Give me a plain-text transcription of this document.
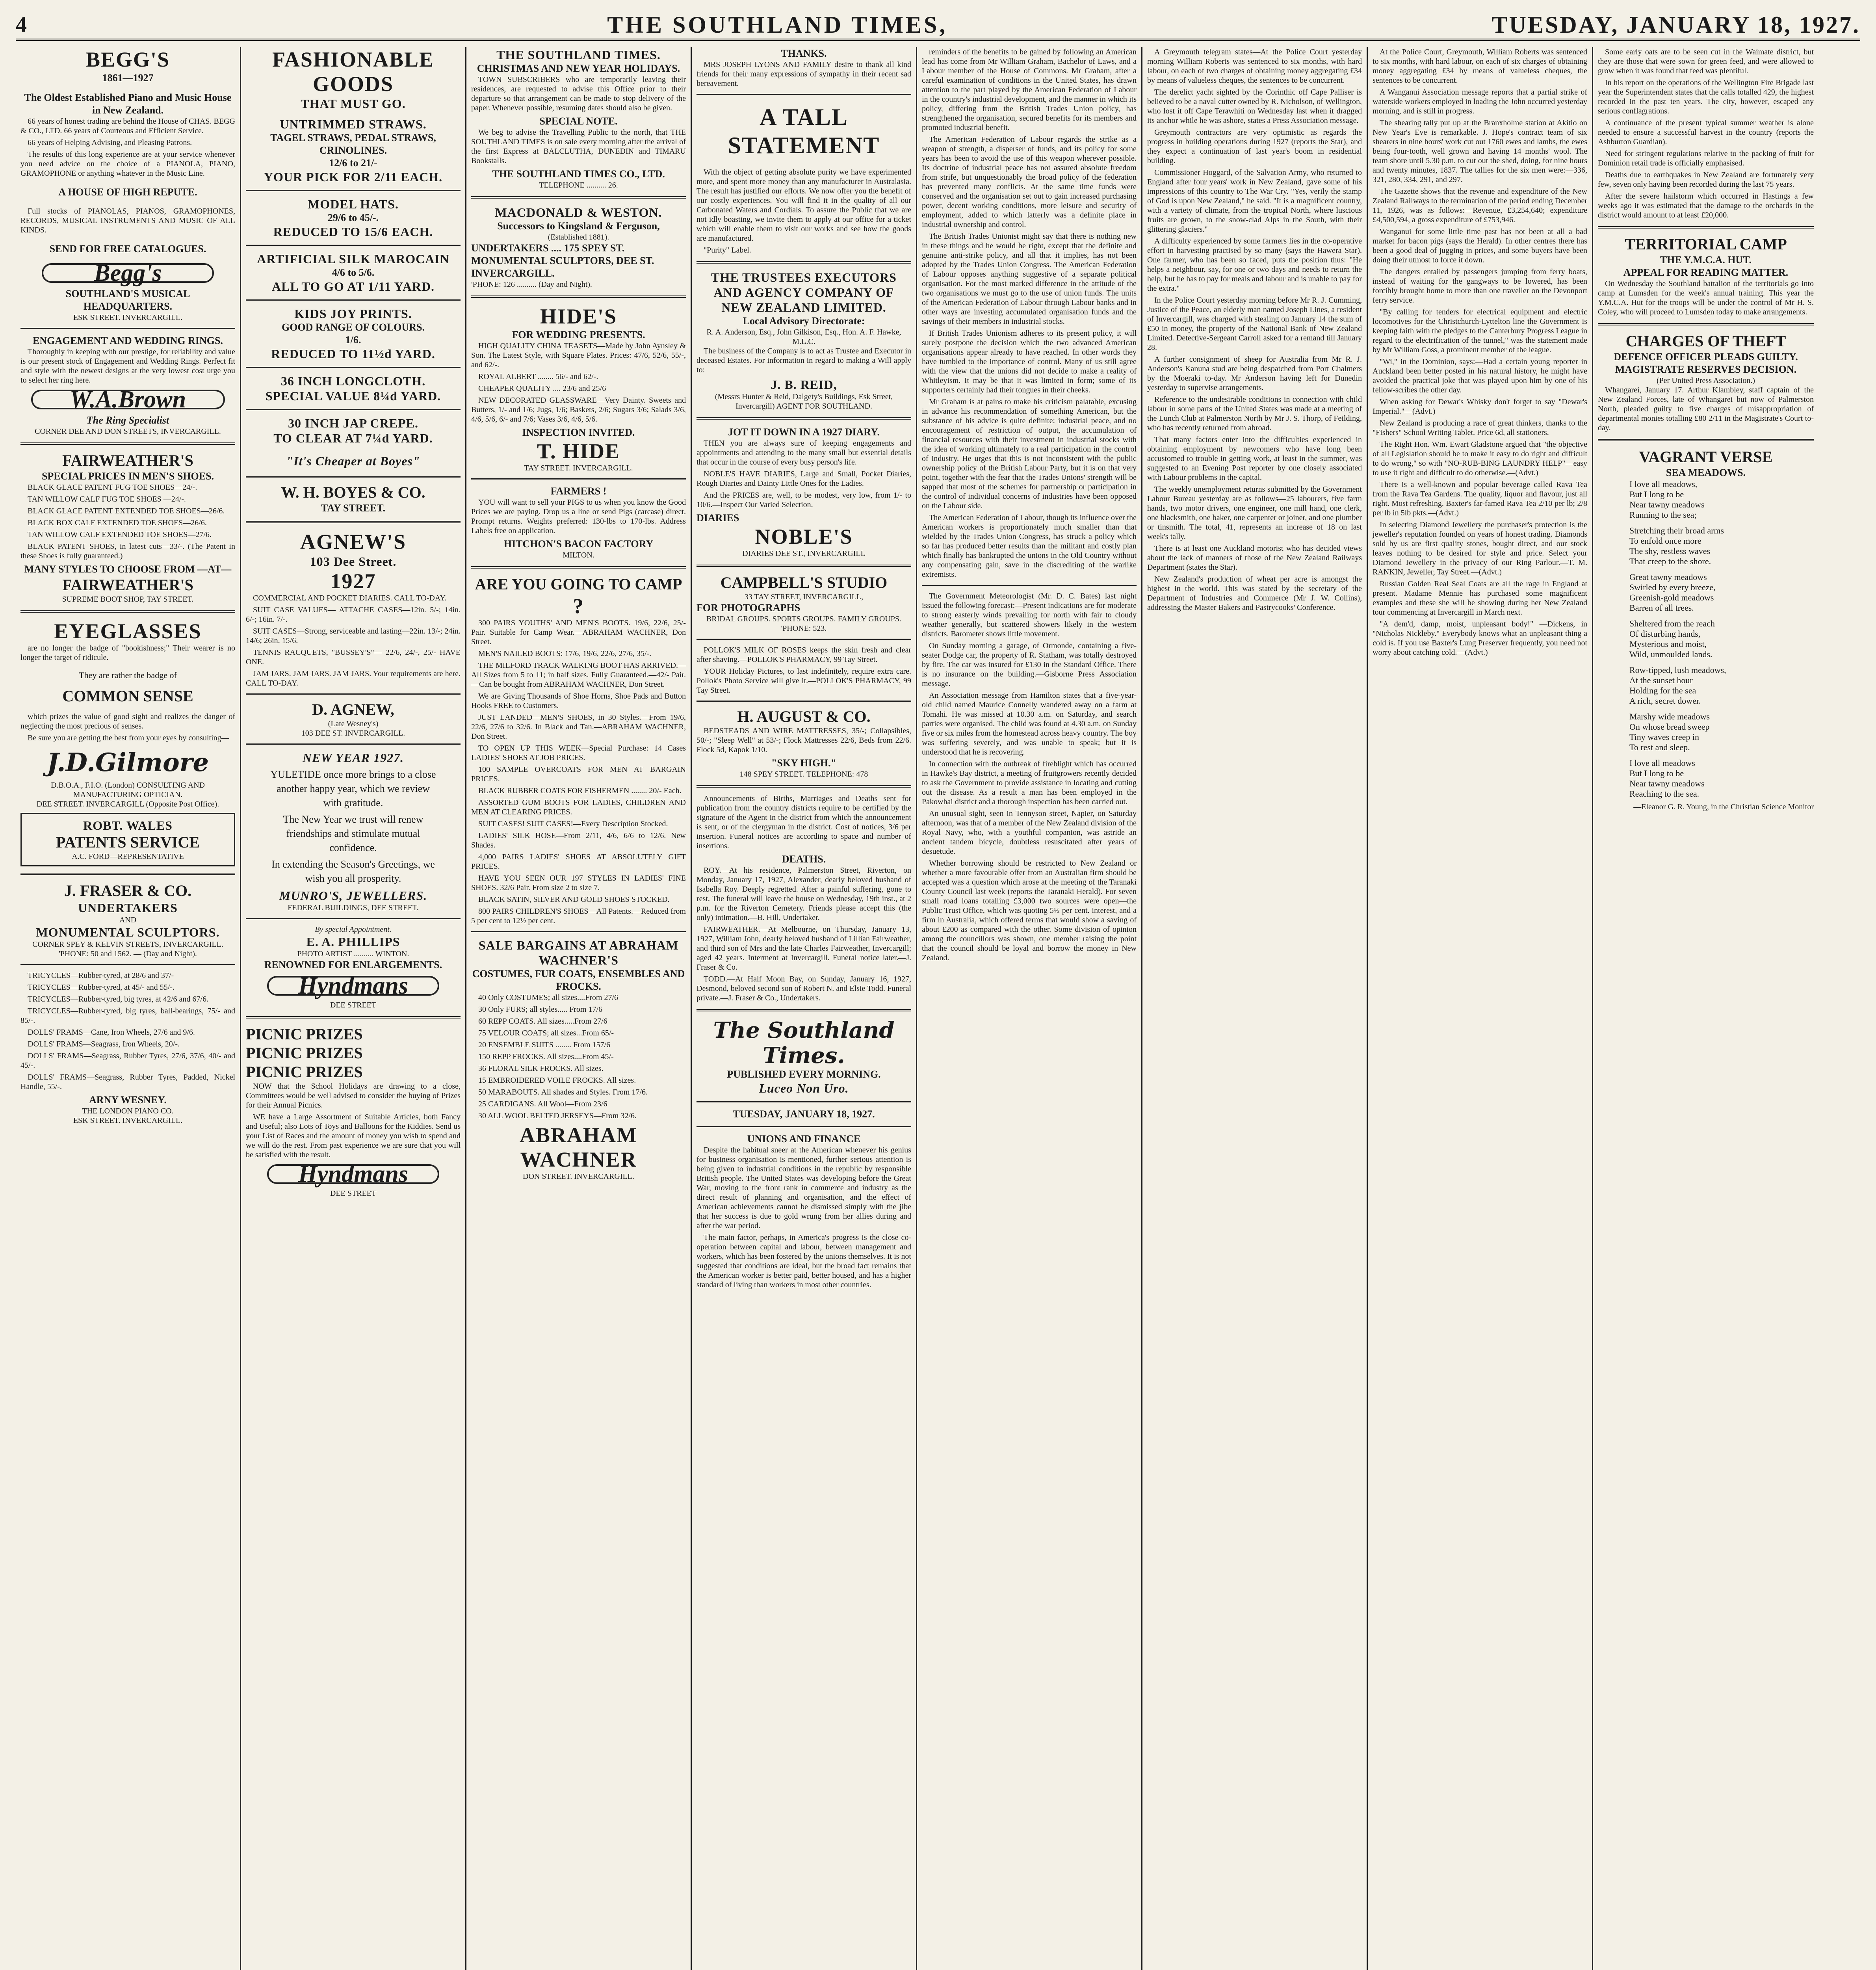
4	THE SOUTHLAND TIMES,	TUESDAY, JANUARY 18, 1927.
BEGG'S
1861—1927
The Oldest Established Piano and Music House in New Zealand.

66 years of honest trading are behind the House of CHAS. BEGG & CO., LTD. 66 years of Courteous and Efficient Service.

66 years of Helping Advising, and Pleasing Patrons.

The results of this long experience are at your service whenever you need advice on the choice of a PIANOLA, PIANO, GRAMOPHONE or anything whatever in the Music Line.

A HOUSE OF HIGH REPUTE.

Full stocks of PIANOLAS, PIANOS, GRAMOPHONES, RECORDS, MUSICAL INSTRUMENTS AND MUSIC OF ALL KINDS.

SEND FOR FREE CATALOGUES.
Begg's
SOUTHLAND'S MUSICAL HEADQUARTERS.
ESK STREET. INVERCARGILL.
ENGAGEMENT AND WEDDING RINGS.

Thoroughly in keeping with our prestige, for reliability and value is our present stock of Engagement and Wedding Rings. Perfect fit and style with the newest designs at the very lowest cost urge you to select her ring here.

W.A.Brown
The Ring Specialist
CORNER DEE AND DON STREETS, INVERCARGILL.
FAIRWEATHER'S
SPECIAL PRICES IN MEN'S SHOES.

BLACK GLACE PATENT FUG TOE SHOES—24/-.

TAN WILLOW CALF FUG TOE SHOES —24/-.

BLACK GLACE PATENT EXTENDED TOE SHOES—26/6.

BLACK BOX CALF EXTENDED TOE SHOES—26/6.

TAN WILLOW CALF EXTENDED TOE SHOES—27/6.

BLACK PATENT SHOES, in latest cuts—33/-. (The Patent in these Shoes is fully guaranteed.)

MANY STYLES TO CHOOSE FROM —AT—
FAIRWEATHER'S
SUPREME BOOT SHOP, TAY STREET.
EYEGLASSES

are no longer the badge of "bookishness;" Their wearer is no longer the target of ridicule.

They are rather the badge of
COMMON SENSE

which prizes the value of good sight and realizes the danger of neglecting the most precious of senses.

Be sure you are getting the best from your eyes by consulting—

J.D.Gilmore
D.B.O.A., F.I.O. (London) CONSULTING AND MANUFACTURING OPTICIAN.
DEE STREET. INVERCARGILL (Opposite Post Office).
ROBT. WALES
PATENTS SERVICE
A.C. FORD—REPRESENTATIVE
J. FRASER & CO.
UNDERTAKERS
AND
MONUMENTAL SCULPTORS.
CORNER SPEY & KELVIN STREETS, INVERCARGILL.
'PHONE: 50 and 1562. — (Day and Night).

TRICYCLES—Rubber-tyred, at 28/6 and 37/-

TRICYCLES—Rubber-tyred, at 45/- and 55/-.

TRICYCLES—Rubber-tyred, big tyres, at 42/6 and 67/6.

TRICYCLES—Rubber-tyred, big tyres, ball-bearings, 75/- and 85/-.

DOLLS' FRAMS—Cane, Iron Wheels, 27/6 and 9/6.

DOLLS' FRAMS—Seagrass, Iron Wheels, 20/-.

DOLLS' FRAMS—Seagrass, Rubber Tyres, 27/6, 37/6, 40/- and 45/-.

DOLLS' FRAMS—Seagrass, Rubber Tyres, Padded, Nickel Handle, 55/-.

ARNY WESNEY.
THE LONDON PIANO CO.
ESK STREET. INVERCARGILL.
FASHIONABLE GOODS
THAT MUST GO.
UNTRIMMED STRAWS.
TAGEL STRAWS, PEDAL STRAWS, CRINOLINES.
12/6 to 21/-
YOUR PICK FOR 2/11 EACH.
MODEL HATS.
29/6 to 45/-.
REDUCED TO 15/6 EACH.
ARTIFICIAL SILK MAROCAIN
4/6 to 5/6.
ALL TO GO AT 1/11 YARD.
KIDS JOY PRINTS.
GOOD RANGE OF COLOURS.
1/6.
REDUCED TO 11½d YARD.
36 INCH LONGCLOTH.
SPECIAL VALUE 8¼d YARD.
30 INCH JAP CREPE.
TO CLEAR AT 7¼d YARD.
"It's Cheaper at Boyes"
W. H. BOYES & CO.
TAY STREET.
AGNEW'S
103 Dee Street.
1927

COMMERCIAL AND POCKET DIARIES. CALL TO-DAY.

SUIT CASE VALUES— ATTACHE CASES—12in. 5/-; 14in. 6/-; 16in. 7/-.

SUIT CASES—Strong, serviceable and lasting—22in. 13/-; 24in. 14/6; 26in. 15/6.

TENNIS RACQUETS, "BUSSEY'S"— 22/6, 24/-, 25/- HAVE ONE.

JAM JARS. JAM JARS. JAM JARS. Your requirements are here. CALL TO-DAY.

D. AGNEW,
(Late Wesney's)
103 DEE ST. INVERCARGILL.
NEW YEAR 1927.

YULETIDE once more brings to a close another happy year, which we review with gratitude.

The New Year we trust will renew friendships and stimulate mutual confidence.

In extending the Season's Greetings, we wish you all prosperity.

MUNRO'S, JEWELLERS.
FEDERAL BUILDINGS, DEE STREET.
By special Appointment.
E. A. PHILLIPS
PHOTO ARTIST .......... WINTON.
RENOWNED FOR ENLARGEMENTS.
Hyndmans
DEE STREET
PICNIC PRIZES
PICNIC PRIZES
PICNIC PRIZES

NOW that the School Holidays are drawing to a close, Committees would be well advised to consider the buying of Prizes for their Annual Picnics.

WE have a Large Assortment of Suitable Articles, both Fancy and Useful; also Lots of Toys and Balloons for the Kiddies. Send us your List of Races and the amount of money you wish to spend and we will do the rest. From past experience we are sure that you will be satisfied with the result.

Hyndmans
DEE STREET
THE SOUTHLAND TIMES.
CHRISTMAS AND NEW YEAR HOLIDAYS.

TOWN SUBSCRIBERS who are temporarily leaving their residences, are requested to advise this Office prior to their departure so that arrangement can be made to stop delivery of the paper. Whenever possible, resuming dates should also be given.

SPECIAL NOTE.

We beg to advise the Travelling Public to the north, that THE SOUTHLAND TIMES is on sale every morning after the arrival of the first Express at BALCLUTHA, DUNEDIN and TIMARU Bookstalls.

THE SOUTHLAND TIMES CO., LTD.
TELEPHONE .......... 26.
MACDONALD & WESTON.
Successors to Kingsland & Ferguson,
(Established 1881).
UNDERTAKERS .... 175 SPEY ST.
MONUMENTAL SCULPTORS, DEE ST. INVERCARGILL.
'PHONE: 126 .......... (Day and Night).
HIDE'S
FOR WEDDING PRESENTS.

HIGH QUALITY CHINA TEASETS—Made by John Aynsley & Son. The Latest Style, with Square Plates. Prices: 47/6, 52/6, 55/-, and 62/-.

ROYAL ALBERT ........ 56/- and 62/-.

CHEAPER QUALITY .... 23/6 and 25/6

NEW DECORATED GLASSWARE—Very Dainty. Sweets and Butters, 1/- and 1/6; Jugs, 1/6; Baskets, 2/6; Sugars 3/6; Salads 3/6, 4/6, 5/6, 6/- and 7/6; Vases 3/6, 4/6, 5/6.

INSPECTION INVITED.
T. HIDE
TAY STREET. INVERCARGILL.
FARMERS !

YOU will want to sell your PIGS to us when you know the Good Prices we are paying. Drop us a line or send Pigs (carcase) direct. Prompt returns. Weights preferred: 130-lbs to 170-lbs. Address Labels free on application.

HITCHON'S BACON FACTORY
MILTON.
ARE YOU GOING TO CAMP
?

300 PAIRS YOUTHS' AND MEN'S BOOTS. 19/6, 22/6, 25/- Pair. Suitable for Camp Wear.—ABRAHAM WACHNER, Don Street.

MEN'S NAILED BOOTS: 17/6, 19/6, 22/6, 27/6, 35/-.

THE MILFORD TRACK WALKING BOOT HAS ARRIVED.—All Sizes from 5 to 11; in half sizes. Fully Guaranteed.—42/- Pair.—Can be bought from ABRAHAM WACHNER, Don Street.

We are Giving Thousands of Shoe Horns, Shoe Pads and Button Hooks FREE to Customers.

JUST LANDED—MEN'S SHOES, in 30 Styles.—From 19/6, 22/6, 27/6 to 32/6. In Black and Tan.—ABRAHAM WACHNER, Don Street.

TO OPEN UP THIS WEEK—Special Purchase: 14 Cases LADIES' SHOES AT JOB PRICES.

100 SAMPLE OVERCOATS FOR MEN AT BARGAIN PRICES.

BLACK RUBBER COATS FOR FISHERMEN ........ 20/- Each.

ASSORTED GUM BOOTS FOR LADIES, CHILDREN AND MEN AT CLEARING PRICES.

SUIT CASES! SUIT CASES!—Every Description Stocked.

LADIES' SILK HOSE—From 2/11, 4/6, 6/6 to 12/6. New Shades.

4,000 PAIRS LADIES' SHOES AT ABSOLUTELY GIFT PRICES.

HAVE YOU SEEN OUR 197 STYLES IN LADIES' FINE SHOES. 32/6 Pair. From size 2 to size 7.

BLACK SATIN, SILVER AND GOLD SHOES STOCKED.

800 PAIRS CHILDREN'S SHOES—All Patents.—Reduced from 5 per cent to 12½ per cent.

SALE BARGAINS AT ABRAHAM WACHNER'S
COSTUMES, FUR COATS, ENSEMBLES AND FROCKS.

40 Only COSTUMES; all sizes....From 27/6

30 Only FURS; all styles..... From 17/6

60 REPP COATS. All sizes.....From 27/6

75 VELOUR COATS; all sizes...From 65/-

20 ENSEMBLE SUITS ........ From 157/6

150 REPP FROCKS. All sizes....From 45/-

36 FLORAL SILK FROCKS. All sizes.

15 EMBROIDERED VOILE FROCKS. All sizes.

50 MARABOUTS. All shades and Styles. From 17/6.

25 CARDIGANS. All Wool—From 23/6

30 ALL WOOL BELTED JERSEYS—From 32/6.

ABRAHAM WACHNER
DON STREET. INVERCARGILL.
THANKS.

MRS JOSEPH LYONS AND FAMILY desire to thank all kind friends for their many expressions of sympathy in their recent sad bereavement.

A TALL STATEMENT

With the object of getting absolute purity we have experimented more, and spent more money than any manufacturer in Australasia. The result has justified our efforts. We now offer you the benefit of our costly experiences. You will find it in the quality of all our Carbonated Waters and Cordials. To assure the Public that we are not idly boasting, we invite them to apply at our office for a ticket which will enable them to visit our works and see how the goods are manufactured.

"Purity" Label.

THE TRUSTEES EXECUTORS AND AGENCY COMPANY OF NEW ZEALAND LIMITED.
Local Advisory Directorate:
R. A. Anderson, Esq., John Gilkison, Esq., Hon. A. F. Hawke, M.L.C.

The business of the Company is to act as Trustee and Executor in deceased Estates. For information in regard to making a Will apply to:

J. B. REID,
(Messrs Hunter & Reid, Dalgety's Buildings, Esk Street, Invercargill) AGENT FOR SOUTHLAND.
JOT IT DOWN IN A 1927 DIARY.

THEN you are always sure of keeping engagements and appointments and attending to the many small but essential details that occur in the course of every busy person's life.

NOBLE'S HAVE DIARIES, Large and Small, Pocket Diaries, Rough Diaries and Dainty Little Ones for the Ladies.

And the PRICES are, well, to be modest, very low, from 1/- to 10/6.—Inspect Our Varied Selection.

DIARIES
NOBLE'S
DIARIES DEE ST., INVERCARGILL
CAMPBELL'S STUDIO
33 TAY STREET, INVERCARGILL,
FOR PHOTOGRAPHS
BRIDAL GROUPS. SPORTS GROUPS. FAMILY GROUPS.
'PHONE: 523.

POLLOK'S MILK OF ROSES keeps the skin fresh and clear after shaving.—POLLOK'S PHARMACY, 99 Tay Street.

YOUR Holiday Pictures, to last indefinitely, require extra care. Pollok's Photo Service will give it.—POLLOK'S PHARMACY, 99 Tay Street.

H. AUGUST & CO.

BEDSTEADS AND WIRE MATTRESSES, 35/-; Collapsibles, 50/-; "Sleep Well" at 53/-; Flock Mattresses 22/6, Beds from 22/6. Flock 5d, Kapok 1/10.

"SKY HIGH."
148 SPEY STREET. TELEPHONE: 478

Announcements of Births, Marriages and Deaths sent for publication from the country districts require to be certified by the signature of the Agent in the district from which the announcement is sent, or of the clergyman in the district. Cost of notices, 3/6 per insertion. Funeral notices are according to space and number of insertions.

DEATHS.

ROY.—At his residence, Palmerston Street, Riverton, on Monday, January 17, 1927, Alexander, dearly beloved husband of Isabella Roy. Deeply regretted. After a painful suffering, gone to rest. The funeral will leave the house on Wednesday, 19th inst., at 2 p.m. for the Riverton Cemetery. Friends please accept this (the only) intimation.—B. Hill, Undertaker.

FAIRWEATHER.—At Melbourne, on Thursday, January 13, 1927, William John, dearly beloved husband of Lillian Fairweather, and third son of Mrs and the late Charles Fairweather, Invercargill; aged 42 years. Interment at Invercargill. Funeral notice later.—J. Fraser & Co.

TODD.—At Half Moon Bay, on Sunday, January 16, 1927, Desmond, beloved second son of Robert N. and Elsie Todd. Funeral private.—J. Fraser & Co., Undertakers.

The Southland Times.
PUBLISHED EVERY MORNING.
Luceo Non Uro.
TUESDAY, JANUARY 18, 1927.
UNIONS AND FINANCE

Despite the habitual sneer at the American whenever his genius for business organisation is mentioned, further serious attention is being given to industrial conditions in the republic by responsible British people. The United States was developing before the Great War, moving to the front rank in commerce and industry as the direct result of planning and organisation, and the effect of American achievements cannot be dismissed simply with the jibe that her success is due to gold wrung from her allies during and after the war period.

The main factor, perhaps, in America's progress is the close co-operation between capital and labour, between management and workers, which has been fostered by the unions themselves. It is not suggested that conditions are ideal, but the broad fact remains that the American worker is better paid, better housed, and has a higher standard of living than workers in most other countries.

reminders of the benefits to be gained by following an American lead has come from Mr William Graham, Bachelor of Laws, and a Labour member of the House of Commons. Mr Graham, after a careful examination of conditions in the United States, has drawn attention to the part played by the American Federation of Labour in the country's industrial development, and the manner in which its policy, differing from the British Trades Union policy, has strengthened the organisation, secured benefits for its members and promoted industrial benefit.

The American Federation of Labour regards the strike as a weapon of strength, a disperser of funds, and its policy for some years has been to avoid the use of this weapon wherever possible. Its doctrine of industrial peace has not assured absolute freedom from strife, but unquestionably the broad policy of the federation has prevented many conflicts. At the same time funds were conserved and the organisation set out to gain increased purchasing power, decent working conditions, more leisure and security of employment, added to which latterly was a definite place in industrial ownership and control.

The British Trades Unionist might say that there is nothing new in these things and he would be right, except that the definite and genuine anti-strike policy, and all that it implies, has not been adopted by the Trades Union Congress. The American Federation of Labour opposes anything suggestive of a separate political organisation. For the most marked difference in the attitude of the two organisations we must go to the use of union funds. The units of the American Federation of Labour through Labour banks and in other ways are investing accumulated organisation funds and the savings of their members in industrial stocks.

If British Trades Unionism adheres to its present policy, it will surely postpone the decision which the two advanced American organisations appear already to have reached. In other words they have tumbled to the importance of control. Many of us still agree with the view that the unions did not decide to make a reality of Whitleyism. It may be that it was limited in form; some of its supporters certainly had their tongues in their cheeks.

Mr Graham is at pains to make his criticism palatable, excusing in advance his recommendation of something American, but the substance of his advice is quite definite: industrial peace, and no encouragement of restriction of output, the accumulation of financial resources with their investment in industrial stocks with the idea of working ultimately to a real participation in the control of industry. He urges that this is not inconsistent with the public ownership policy of the British Labour Party, but it is on that very point, together with the fear that the Trades Unions' strength will be sapped that most of the schemes for partnership or participation in the control of individual concerns of industries have been opposed on the Labour side.

The American Federation of Labour, though its influence over the American workers is proportionately much smaller than that wielded by the Trades Union Congress, has struck a policy which so far has produced better results than the militant and costly plan which finally has bankrupted the unions in the Old Country without any compensating gain, save in the discrediting of the warlike extremists.

The Government Meteorologist (Mr. D. C. Bates) last night issued the following forecast:—Present indications are for moderate to strong easterly winds prevailing for north with fair to cloudy weather generally, but scattered showers likely in the western districts. Barometer shows little movement.

On Sunday morning a garage, of Ormonde, containing a five-seater Dodge car, the property of R. Statham, was totally destroyed by fire. The car was insured for £130 in the Standard Office. There is no insurance on the building.—Gisborne Press Association message.

An Association message from Hamilton states that a five-year-old child named Maurice Connelly wandered away on a farm at Tomahi. He was missed at 10.30 a.m. on Saturday, and search parties were organised. The child was found at 4.30 a.m. on Sunday five or six miles from the homestead across heavy country. The boy was suffering severely, and was unable to speak; but it is understood that he is recovering.

In connection with the outbreak of fireblight which has occurred in Hawke's Bay district, a meeting of fruitgrowers recently decided to ask the Government to provide assistance in locating and cutting out the disease. As a result a man has been employed in the Pakowhai district and a thorough inspection has been carried out.

An unusual sight, seen in Tennyson street, Napier, on Saturday afternoon, was that of a member of the New Zealand division of the Royal Navy, who, with a youthful companion, was astride an ancient tandem bicycle, doubtless resuscitated after years of desuetude.

Whether borrowing should be restricted to New Zealand or whether a more favourable offer from an Australian firm should be accepted was a question which arose at the meeting of the Taranaki County Council last week (reports the Taranaki Herald). For seven small road loans totalling £3,000 two sources were open—the Public Trust Office, which was quoting 5½ per cent. interest, and a firm in Australia, which offered terms that would show a saving of about £200 as compared with the other. Some division of opinion among the councillors was shown, one member raising the point that the council should be loyal and borrow the money in New Zealand.

A Greymouth telegram states—At the Police Court yesterday morning William Roberts was sentenced to six months, with hard labour, on each of two charges of obtaining money aggregating £34 by means of valueless cheques, the sentences to be concurrent.

The derelict yacht sighted by the Corinthic off Cape Palliser is believed to be a naval cutter owned by R. Nicholson, of Wellington, who lost it off Cape Terawhiti on Wednesday last when it dragged its anchor while he was ashore, states a Press Association message.

Greymouth contractors are very optimistic as regards the progress in building operations during 1927 (reports the Star), and they expect a continuation of last year's boom in residential building.

Commissioner Hoggard, of the Salvation Army, who returned to England after four years' work in New Zealand, gave some of his impressions of this country to The War Cry. "Yes, verily the stamp of God is upon New Zealand," he said. "It is a magnificent country, with a variety of climate, from the tropical North, where luscious fruits are grown, to the snow-clad Alps in the South, with their glittering glaciers."

A difficulty experienced by some farmers lies in the co-operative effort in harvesting practised by so many (says the Hawera Star). One farmer, who has been so faced, puts the position thus: "He helps a neighbour, say, for one or two days and needs to return the help, but he has to pay for meals and labour and is unable to pay for the extra."

In the Police Court yesterday morning before Mr R. J. Cumming, Justice of the Peace, an elderly man named Joseph Lines, a resident of Invercargill, was charged with stealing on January 14 the sum of £50 in money, the property of the National Bank of New Zealand Limited. Detective-Sergeant Carroll asked for a remand till January 28.

A further consignment of sheep for Australia from Mr R. J. Anderson's Kanuna stud are being despatched from Port Chalmers by the Moeraki to-day. Mr Anderson having left for Dunedin yesterday to supervise arrangements.

Reference to the undesirable conditions in connection with child labour in some parts of the United States was made at a meeting of the Lunch Club at Palmerston North by Mr J. S. Thorp, of Feilding, who has recently returned from abroad.

That many factors enter into the difficulties experienced in obtaining employment by newcomers who have long been accustomed to trouble in getting work, at least in the summer, was suggested to an Evening Post reporter by one closely associated with Labour problems in the capital.

The weekly unemployment returns submitted by the Government Labour Bureau yesterday are as follows—25 labourers, five farm hands, two motor drivers, one engineer, one mill hand, one clerk, one blacksmith, one baker, one carpenter or joiner, and one plumber or tinsmith. The total, 41, represents an increase of 18 on last week's tally.

There is at least one Auckland motorist who has decided views about the lack of manners of those of the New Zealand Railways Department (states the Star).

New Zealand's production of wheat per acre is amongst the highest in the world. This was stated by the secretary of the Department of Industries and Commerce (Mr J. W. Collins), addressing the Master Bakers and Pastrycooks' Conference.

At the Police Court, Greymouth, William Roberts was sentenced to six months, with hard labour, on each of six charges of obtaining money aggregating £34 by means of valueless cheques, the sentences to be concurrent.

A Wanganui Association message reports that a partial strike of waterside workers employed in loading the John occurred yesterday morning, and is still in progress.

The shearing tally put up at the Branxholme station at Akitio on New Year's Eve is remarkable. J. Hope's contract team of six shearers in nine hours' work cut out 1760 ewes and lambs, the ewes being four-tooth, well grown and having 14 months' wool. The team shore until 5.30 p.m. to cut out the shed, doing, for nine hours and twenty minutes, 1837. The tallies for the six men were:—336, 321, 280, 334, 291, and 297.

The Gazette shows that the revenue and expenditure of the New Zealand Railways to the termination of the period ending December 11, 1926, was as follows:—Revenue, £3,254,640; expenditure £4,500,594, a gross expenditure of £753,946.

Wanganui for some little time past has not been at all a bad market for bacon pigs (says the Herald). In other centres there has been a good deal of jugging in prices, and some buyers have been doing their utmost to force it down.

The dangers entailed by passengers jumping from ferry boats, instead of waiting for the gangways to be lowered, has been forcibly brought home to more than one traveller on the Devonport ferry service.

"By calling for tenders for electrical equipment and electric locomotives for the Christchurch-Lyttelton line the Government is keeping faith with the pledges to the Canterbury Progress League in regard to the electrification of the tunnel," was the statement made by Mr William Goss, a prominent member of the league.

"Wi," in the Dominion, says:—Had a certain young reporter in Auckland been better posted in his natural history, he might have avoided the practical joke that was played upon him by one of his fellow-scribes the other day.

When asking for Dewar's Whisky don't forget to say "Dewar's Imperial."—(Advt.)

New Zealand is producing a race of great thinkers, thanks to the "Fishers" School Writing Tablet. Price 6d, all stationers.

The Right Hon. Wm. Ewart Gladstone argued that "the objective of all Legislation should be to make it easy to do right and difficult to do wrong," so with "NO-RUB-BING LAUNDRY HELP"—easy to use it right and difficult to do otherwise.—(Advt.)

There is a well-known and popular beverage called Rava Tea from the Rava Tea Gardens. The quality, liquor and flavour, just all right. Most refreshing. Baxter's far-famed Rava Tea 2/10 per lb; 2/8 per lb in 5lb pkts.—(Advt.)

In selecting Diamond Jewellery the purchaser's protection is the jeweller's reputation founded on years of honest trading. Diamonds sold by us are first quality stones, bought direct, and our stock leaves nothing to be desired for style and price. Select your Diamond Jewellery in the privacy of our Ring Parlour.—T. M. RANKIN, Jeweller, Tay Street.—(Advt.)

Russian Golden Real Seal Coats are all the rage in England at present. Madame Mennie has purchased some magnificent examples and these she will be showing during her New Zealand tour commencing at Invercargill in March next.

"A dem'd, damp, moist, unpleasant body!" —Dickens, in "Nicholas Nickleby." Everybody knows what an unpleasant thing a cold is. If you use Baxter's Lung Preserver frequently, you need not worry about catching cold.—(Advt.)

Some early oats are to be seen cut in the Waimate district, but they are those that were sown for green feed, and were allowed to grow when it was found that feed was plentiful.

In his report on the operations of the Wellington Fire Brigade last year the Superintendent states that the calls totalled 429, the highest recorded in the past ten years. The city, however, escaped any serious conflagrations.

A continuance of the present typical summer weather is alone needed to ensure a successful harvest in the country (reports the Ashburton Guardian).

Need for stringent regulations relative to the packing of fruit for Dominion retail trade is officially emphasised.

Deaths due to earthquakes in New Zealand are fortunately very few, seven only having been recorded during the last 75 years.

After the severe hailstorm which occurred in Hastings a few weeks ago it was estimated that the damage to the orchards in the district would amount to at least £20,000.

TERRITORIAL CAMP
THE Y.M.C.A. HUT.
APPEAL FOR READING MATTER.

On Wednesday the Southland battalion of the territorials go into camp at Lumsden for the week's annual training. This year the Y.M.C.A. Hut for the troops will be under the control of Mr H. S. Coley, who will proceed to Lumsden today to make arrangements.

CHARGES OF THEFT
DEFENCE OFFICER PLEADS GUILTY.
MAGISTRATE RESERVES DECISION.
(Per United Press Association.)

Whangarei, January 17. Arthur Klambley, staff captain of the New Zealand Forces, late of Whangarei but now of Palmerston North, pleaded guilty to five charges of misappropriation of departmental monies totalling £80 2/11 in the Magistrate's Court to-day.

VAGRANT VERSE
SEA MEADOWS.
I love all meadows,
But I long to be
Near tawny meadows
Running to the sea;
Stretching their broad arms
To enfold once more
The shy, restless waves
That creep to the shore.
Great tawny meadows
Swirled by every breeze,
Greenish-gold meadows
Barren of all trees.
Sheltered from the reach
Of disturbing hands,
Mysterious and moist,
Wild, unmoulded lands.
Row-tipped, lush meadows,
At the sunset hour
Holding for the sea
A rich, secret dower.
Marshy wide meadows
On whose bread sweep
Tiny waves creep in
To rest and sleep.
I love all meadows
But I long to be
Near tawny meadows
Reaching to the sea.
—Eleanor G. R. Young, in the Christian Science Monitor
